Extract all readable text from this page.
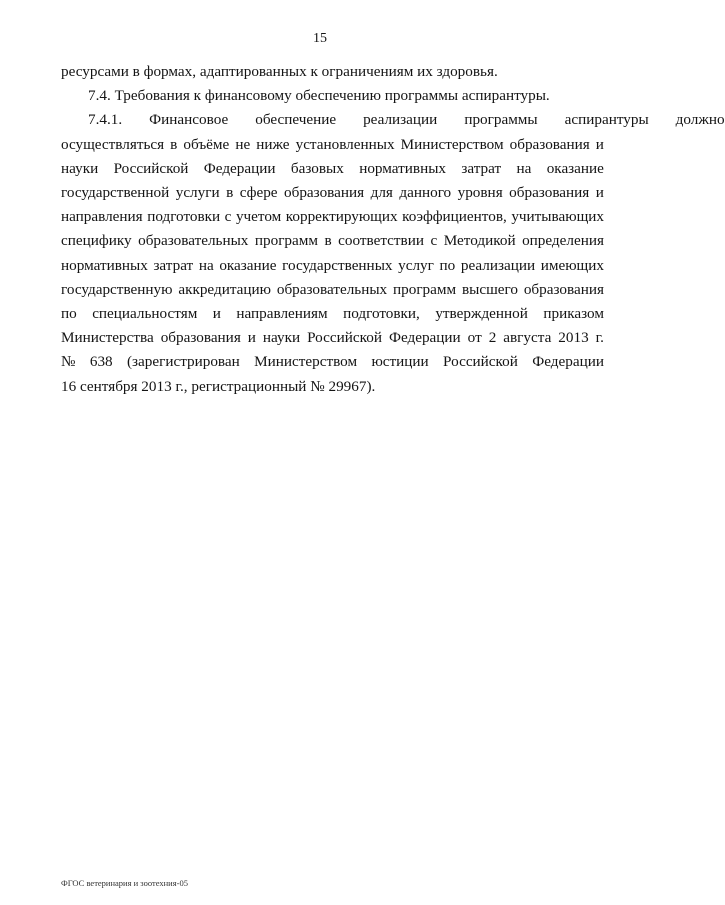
15

ресурсами в формах, адаптированных к ограничениям их здоровья.

7.4. Требования к финансовому обеспечению программы аспирантуры.

7.4.1.	Финансовое	обеспечение	реализации	программы	аспирантуры	должно
осуществляться в объёме не ниже установленных Министерством образования и
науки Российской Федерации базовых нормативных затрат на оказание
государственной услуги в сфере образования для данного уровня образования и
направления подготовки с учетом корректирующих коэффициентов, учитывающих
специфику образовательных программ в соответствии с Методикой определения
нормативных затрат на оказание государственных услуг по реализации имеющих
государственную аккредитацию образовательных программ высшего образования
по специальностям и направлениям подготовки, утвержденной приказом
Министерства образования и науки Российской Федерации от 2 августа 2013 г.
№ 638 (зарегистрирован Министерством юстиции Российской Федерации
16 сентября 2013 г., регистрационный № 29967).
ФГОС ветеринария и зоотехния-05
